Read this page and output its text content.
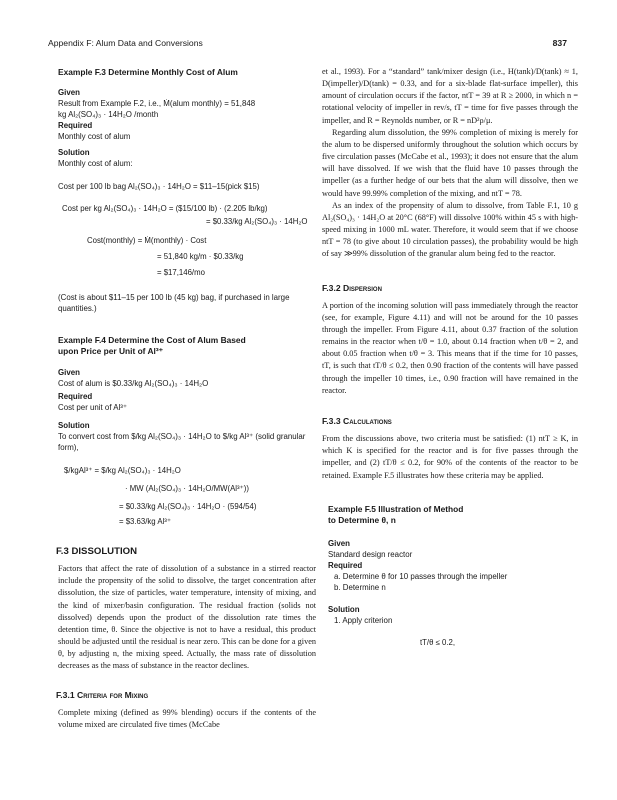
Appendix F: Alum Data and Conversions	837
Example F.3 Determine Monthly Cost of Alum
Given
Result from Example F.2, i.e., Ṁ(alum monthly) = 51,848
kg Al₂(SO₄)₃ · 14H₂O /month
Required
Monthly cost of alum
Solution
Monthly cost of alum:
Cost per 100 lb bag Al₂(SO₄)₃ · 14H₂O = $11–15(pick $15)
Cost per kg Al₂(SO₄)₃ · 14H₂O = ($15/100 lb) · (2.205 lb/kg)
= $0.33/kg Al₂(SO₄)₃ · 14H₂O
Cost(monthly) = Ṁ(monthly) · Cost
= 51,840 kg/m · $0.33/kg
= $17,146/mo
(Cost is about $11–15 per 100 lb (45 kg) bag, if purchased in large quantities.)
Example F.4 Determine the Cost of Alum Based
upon Price per Unit of Al³⁺
Given
Cost of alum is $0.33/kg Al₂(SO₄)₃ · 14H₂O
Required
Cost per unit of Al³⁺
Solution
To convert cost from $/kg Al₂(SO₄)₃ · 14H₂O to $/kg Al³⁺ (solid granular form),
$/kgAl³⁺ = $/kg Al₂(SO₄)₃ · 14H₂O
· MW (Al₂(SO₄)₃ · 14H₂O/MW(Al³⁺))
= $0.33/kg Al₂(SO₄)₃ · 14H₂O · (594/54)
= $3.63/kg Al³⁺
F.3 DISSOLUTION

Factors that affect the rate of dissolution of a substance in a stirred reactor include the propensity of the solid to dissolve, the target concentration after dissolution, the size of particles, water temperature, intensity of mixing, and the kind of mixer/basin configuration. The residual fraction (solids not dissolved) depends upon the product of the dissolution rate times the detention time, θ. Since the objective is not to have a residual, this product should be adjusted until the residual is near zero. This can be done for a given θ, by adjusting n, the mixing speed. Actually, the mass rate of dissolution decreases as the mass of substance in the reactor declines.

F.3.1 Criteria for Mixing

Complete mixing (defined as 99% blending) occurs if the contents of the volume mixed are circulated five times (McCabe

et al., 1993). For a “standard” tank/mixer design (i.e., H(tank)/D(tank) ≈ 1, D(impeller)/D(tank) = 0.33, and for a six-blade flat-surface impeller), this amount of circulation occurs if the factor, ntT = 39 at R ≥ 2000, in which n = rotational velocity of impeller in rev/s, tT = time for five passes through the impeller, and R = Reynolds number, or R = nD²ρ/μ.

Regarding alum dissolution, the 99% completion of mixing is merely for the alum to be dispersed uniformly throughout the solution which occurs by five circulation passes (McCabe et al., 1993); it does not ensure that the alum will have dissolved. If we wish that the fluid have 10 passes through the impeller (as a further hedge of our bets that the alum will dissolve, then we would have 99.99% completion of the mixing, and ntT = 78.

As an index of the propensity of alum to dissolve, from Table F.1, 10 g Al₂(SO₄)₃ · 14H₂O at 20°C (68°F) will dissolve 100% within 45 s with high-speed mixing in 1000 mL water. Therefore, it would seem that if we choose ntT = 78 (to give about 10 circulation passes), the probability would be high of say ≫99% dissolution of the granular alum being fed to the reactor.

F.3.2 Dispersion

A portion of the incoming solution will pass immediately through the reactor (see, for example, Figure 4.11) and will not be around for the 10 passes through the impeller. From Figure 4.11, about 0.37 fraction of the solution remains in the reactor when t/θ = 1.0, about 0.14 fraction when t/θ = 2, and about 0.05 fraction when t/θ = 3. This means that if the time for 10 passes, tT, is such that tT/θ ≤ 0.2, then 0.90 fraction of the contents will have passed through the impeller 10 times, i.e., 0.90 fraction will have remained in the reactor.

F.3.3 Calculations

From the discussions above, two criteria must be satisfied: (1) ntT ≥ K, in which K is specified for the reactor and is for five passes through the impeller, and (2) tT/θ ≤ 0.2, for 90% of the contents of the reactor to be retained. Example F.5 illustrates how these criteria may be applied.

Example F.5 Illustration of Method
to Determine θ, n
Given
Standard design reactor
Required
a. Determine θ for 10 passes through the impeller
b. Determine n
Solution
1. Apply criterion
tT/θ ≤ 0.2,
